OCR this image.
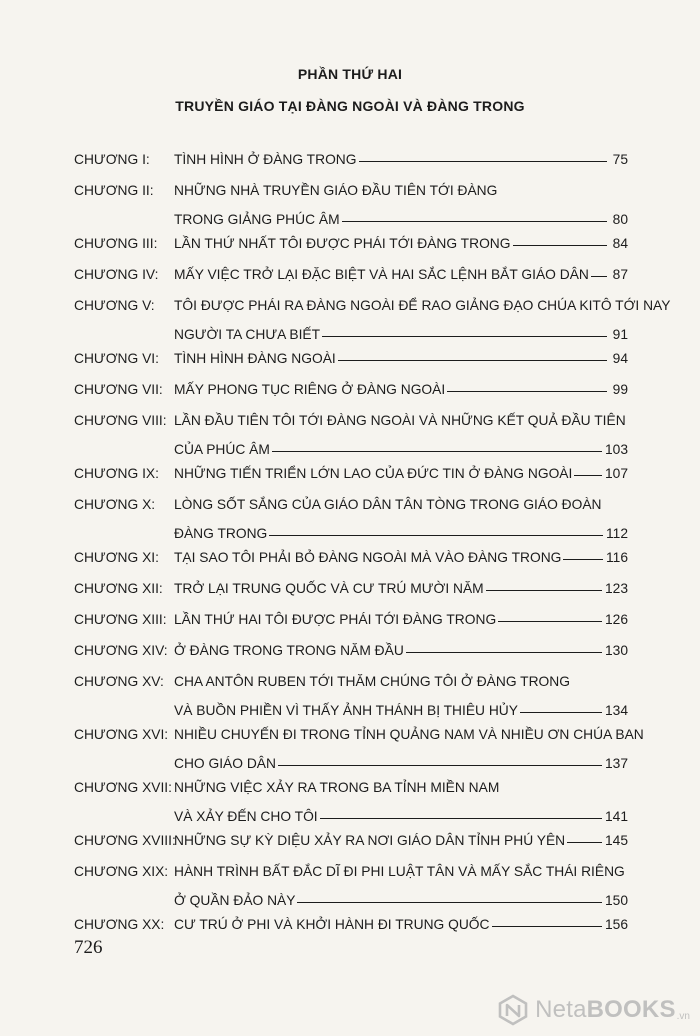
PHẦN THỨ HAI
TRUYỀN GIÁO TẠI ĐÀNG NGOÀI VÀ ĐÀNG TRONG
CHƯƠNG I: TÌNH HÌNH Ở ĐÀNG TRONG	75
CHƯƠNG II: NHỮNG NHÀ TRUYỀN GIÁO ĐẦU TIÊN TỚI ĐÀNG
TRONG GIẢNG PHÚC ÂM	80
CHƯƠNG III: LẦN THỨ NHẤT TÔI ĐƯỢC PHÁI TỚI ĐÀNG TRONG	84
CHƯƠNG IV: MẤY VIỆC TRỞ LẠI ĐẶC BIỆT VÀ HAI SẮC LỆNH BẮT GIÁO DÂN 87
CHƯƠNG V: TÔI ĐƯỢC PHÁI RA ĐÀNG NGOÀI ĐỂ RAO GIẢNG ĐẠO CHÚA KITÔ TỚI NAY
NGƯỜI TA CHƯA BIẾT	91
CHƯƠNG VI: TÌNH HÌNH ĐÀNG NGOÀI	94
CHƯƠNG VII: MẤY PHONG TỤC RIÊNG Ở ĐÀNG NGOÀI	99
CHƯƠNG VIII: LẦN ĐẦU TIÊN TÔI TỚI ĐÀNG NGOÀI VÀ NHỮNG KẾT QUẢ ĐẦU TIÊN
CỦA PHÚC ÂM	103
CHƯƠNG IX: NHỮNG TIẾN TRIỂN LỚN LAO CỦA ĐỨC TIN Ở ĐÀNG NGOÀI 107
CHƯƠNG X: LÒNG SỐT SẮNG CỦA GIÁO DÂN TÂN TÒNG TRONG GIÁO ĐOÀN
ĐÀNG TRONG	112
CHƯƠNG XI: TẠI SAO TÔI PHẢI BỎ ĐÀNG NGOÀI MÀ VÀO ĐÀNG TRONG	116
CHƯƠNG XII: TRỞ LẠI TRUNG QUỐC VÀ CƯ TRÚ MƯỜI NĂM	123
CHƯƠNG XIII: LẦN THỨ HAI TÔI ĐƯỢC PHÁI TỚI ĐÀNG TRONG	126
CHƯƠNG XIV: Ở ĐÀNG TRONG TRONG NĂM ĐẦU	130
CHƯƠNG XV: CHA ANTÔN RUBEN TỚI THĂM CHÚNG TÔI Ở ĐÀNG TRONG
VÀ BUỒN PHIỀN VÌ THẤY ẢNH THÁNH BỊ THIÊU HỦY	134
CHƯƠNG XVI: NHIỀU CHUYẾN ĐI TRONG TỈNH QUẢNG NAM VÀ NHIỀU ƠN CHÚA BAN
CHO GIÁO DÂN	137
CHƯƠNG XVII: NHỮNG VIỆC XẢY RA TRONG BA TỈNH MIỀN NAM
VÀ XẢY ĐẾN CHO TÔI	141
CHƯƠNG XVIII:
NHỮNG SỰ KỲ DIỆU XẢY RA NƠI GIÁO DÂN TỈNH PHÚ YÊN	145
CHƯƠNG XIX: HÀNH TRÌNH BẤT ĐẮC DĨ ĐI PHI LUẬT TÂN VÀ MẤY SẮC THÁI RIÊNG
Ở QUẦN ĐẢO NÀY	150
CHƯƠNG XX: CƯ TRÚ Ở PHI VÀ KHỞI HÀNH ĐI TRUNG QUỐC	156
726
NetaBOOKS .vn
